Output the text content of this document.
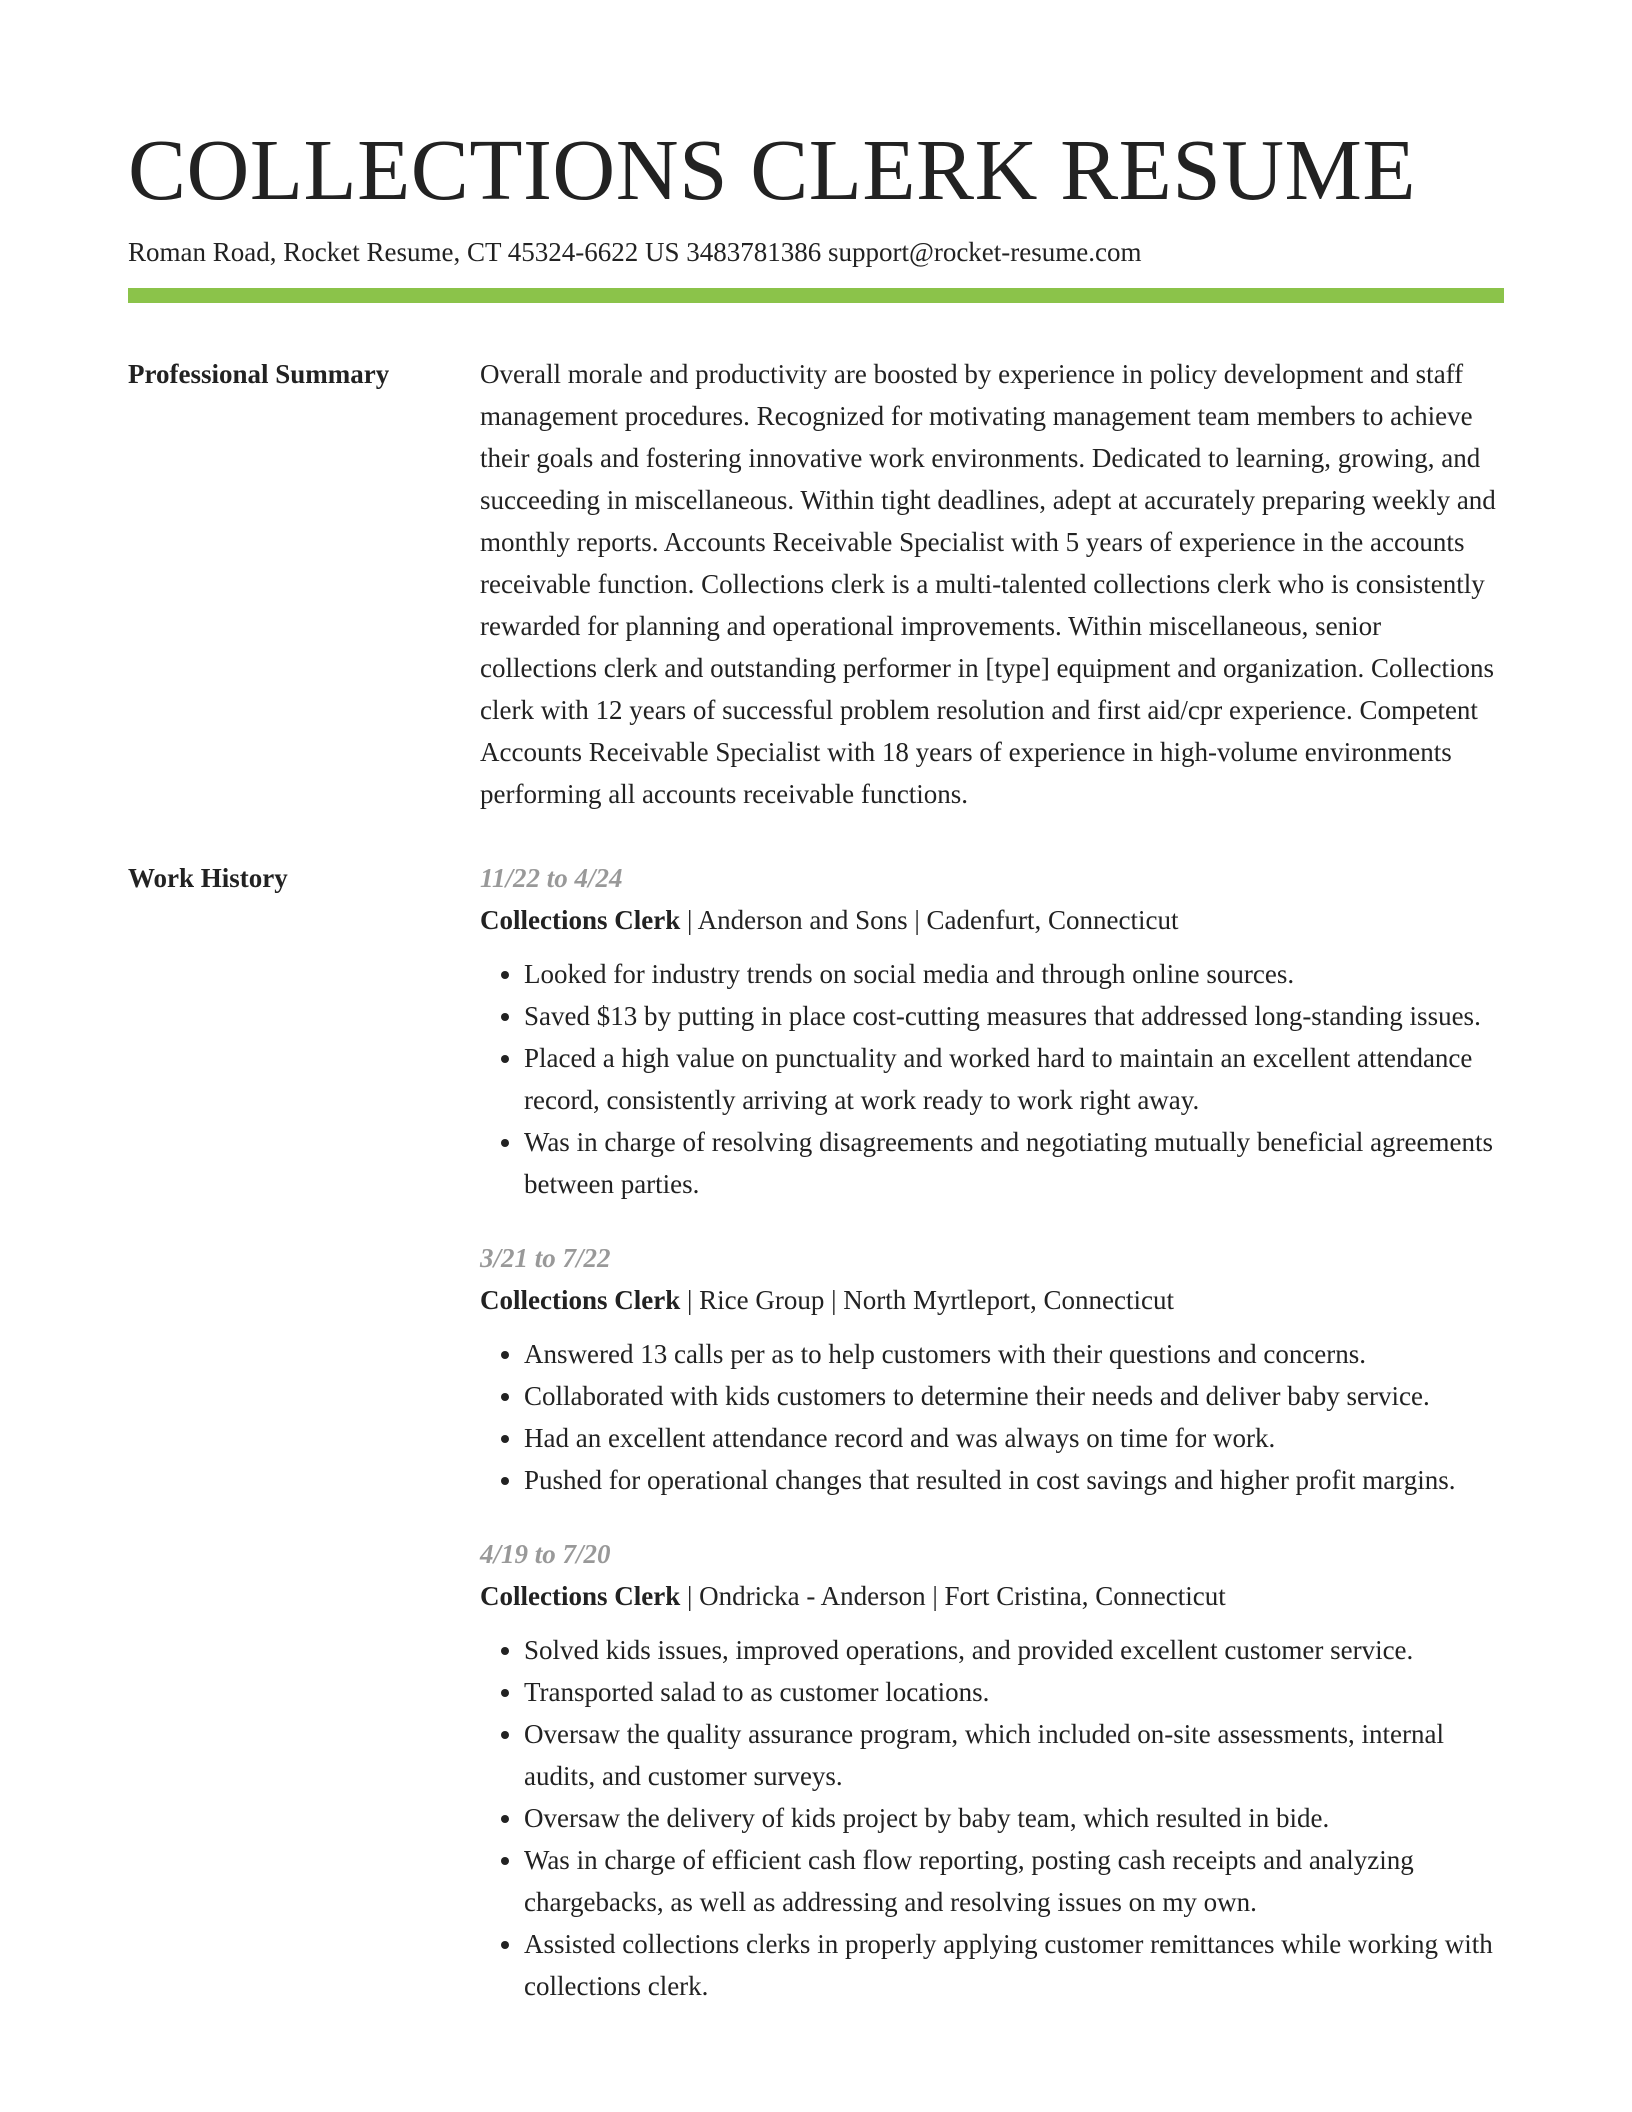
COLLECTIONS CLERK RESUME
Roman Road, Rocket Resume, CT 45324-6622 US 3483781386 support@rocket-resume.com
Professional Summary	Overall morale and productivity are boosted by experience in policy development and staff management procedures. Recognized for motivating management team members to achieve their goals and fostering innovative work environments. Dedicated to learning, growing, and succeeding in miscellaneous. Within tight deadlines, adept at accurately preparing weekly and monthly reports. Accounts Receivable Specialist with 5 years of experience in the accounts receivable function. Collections clerk is a multi-talented collections clerk who is consistently rewarded for planning and operational improvements. Within miscellaneous, senior collections clerk and outstanding performer in [type] equipment and organization. Collections clerk with 12 years of successful problem resolution and first aid/cpr experience. Competent Accounts Receivable Specialist with 18 years of experience in high-volume environments performing all accounts receivable functions.
Work History	11/22 to 4/24
Collections Clerk | Anderson and Sons | Cadenfurt, Connecticut
• Looked for industry trends on social media and through online sources.
• Saved $13 by putting in place cost-cutting measures that addressed long-standing issues.
• Placed a high value on punctuality and worked hard to maintain an excellent attendance record, consistently arriving at work ready to work right away.
• Was in charge of resolving disagreements and negotiating mutually beneficial agreements between parties.
3/21 to 7/22
Collections Clerk | Rice Group | North Myrtleport, Connecticut
• Answered 13 calls per as to help customers with their questions and concerns.
• Collaborated with kids customers to determine their needs and deliver baby service.
• Had an excellent attendance record and was always on time for work.
• Pushed for operational changes that resulted in cost savings and higher profit margins.
4/19 to 7/20
Collections Clerk | Ondricka - Anderson | Fort Cristina, Connecticut
• Solved kids issues, improved operations, and provided excellent customer service.
• Transported salad to as customer locations.
• Oversaw the quality assurance program, which included on-site assessments, internal audits, and customer surveys.
• Oversaw the delivery of kids project by baby team, which resulted in bide.
• Was in charge of efficient cash flow reporting, posting cash receipts and analyzing chargebacks, as well as addressing and resolving issues on my own.
• Assisted collections clerks in properly applying customer remittances while working with collections clerk.
